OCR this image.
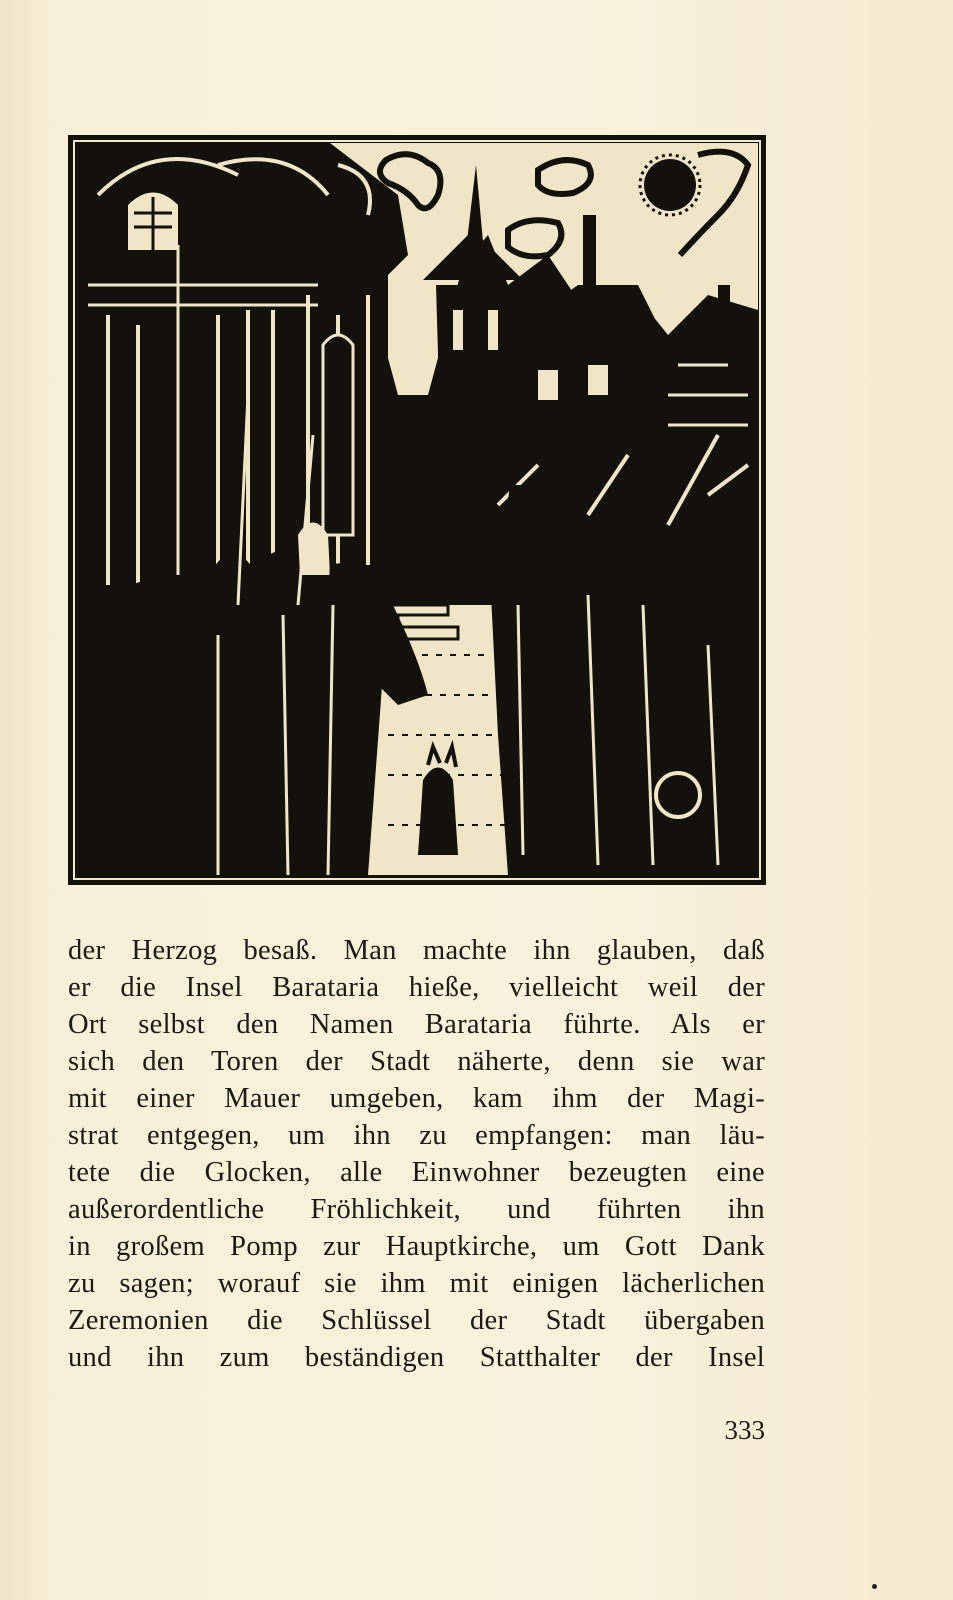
der Herzog besaß. Man machte ihn glauben, daß
er die Insel Barataria hieße, vielleicht weil der
Ort selbst den Namen Barataria führte. Als er
sich den Toren der Stadt näherte, denn sie war
mit einer Mauer umgeben, kam ihm der Magi-
strat entgegen, um ihn zu empfangen: man läu-
tete die Glocken, alle Einwohner bezeugten eine
außerordentliche Fröhlichkeit, und führten ihn
in großem Pomp zur Hauptkirche, um Gott Dank
zu sagen; worauf sie ihm mit einigen lächerlichen
Zeremonien die Schlüssel der Stadt übergaben
und ihn zum beständigen Statthalter der Insel
333
